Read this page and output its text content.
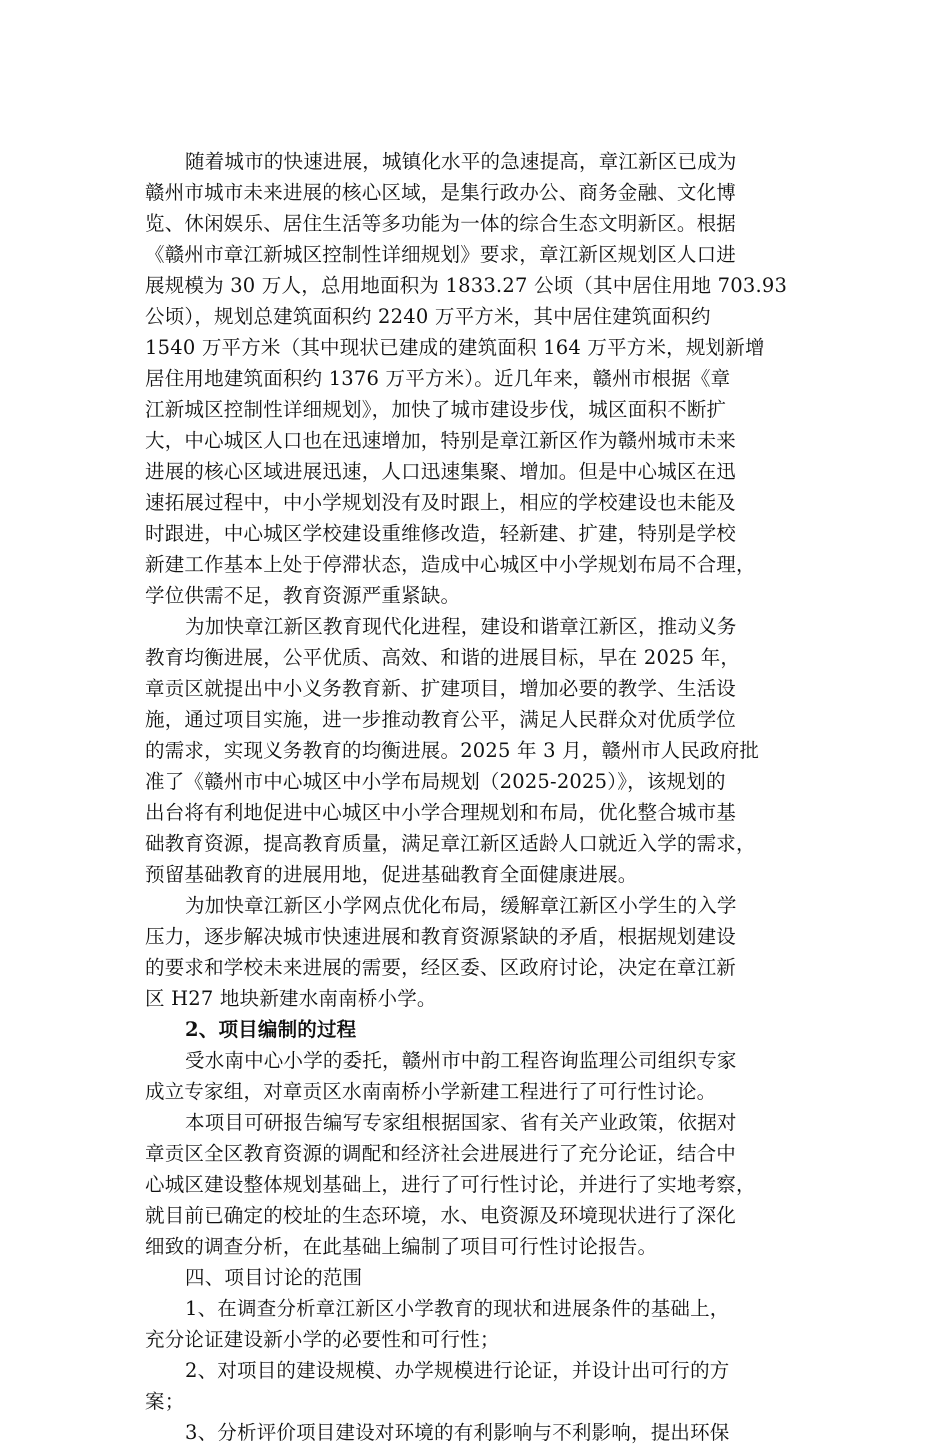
随着城市的快速进展，城镇化水平的急速提高，章江新区已成为
赣州市城市未来进展的核心区域，是集行政办公、商务金融、文化博
览、休闲娱乐、居住生活等多功能为一体的综合生态文明新区。根据
《赣州市章江新城区控制性详细规划》要求，章江新区规划区人口进
展规模为 30 万人，总用地面积为 1833.27 公顷（其中居住用地 703.93
公顷），规划总建筑面积约 2240 万平方米，其中居住建筑面积约
1540 万平方米（其中现状已建成的建筑面积 164 万平方米，规划新增
居住用地建筑面积约 1376 万平方米）。近几年来，赣州市根据《章
江新城区控制性详细规划》，加快了城市建设步伐，城区面积不断扩
大，中心城区人口也在迅速增加，特别是章江新区作为赣州城市未来
进展的核心区域进展迅速，人口迅速集聚、增加。但是中心城区在迅
速拓展过程中，中小学规划没有及时跟上，相应的学校建设也未能及
时跟进，中心城区学校建设重维修改造，轻新建、扩建，特别是学校
新建工作基本上处于停滞状态，造成中心城区中小学规划布局不合理，
学位供需不足，教育资源严重紧缺。
为加快章江新区教育现代化进程，建设和谐章江新区，推动义务
教育均衡进展，公平优质、高效、和谐的进展目标，早在 2025 年，
章贡区就提出中小义务教育新、扩建项目，增加必要的教学、生活设
施，通过项目实施，进一步推动教育公平，满足人民群众对优质学位
的需求，实现义务教育的均衡进展。2025 年 3 月，赣州市人民政府批
准了《赣州市中心城区中小学布局规划（2025-2025）》，该规划的
出台将有利地促进中心城区中小学合理规划和布局，优化整合城市基
础教育资源，提高教育质量，满足章江新区适龄人口就近入学的需求，
预留基础教育的进展用地，促进基础教育全面健康进展。
为加快章江新区小学网点优化布局，缓解章江新区小学生的入学
压力，逐步解决城市快速进展和教育资源紧缺的矛盾，根据规划建设
的要求和学校未来进展的需要，经区委、区政府讨论，决定在章江新
区 H27 地块新建水南南桥小学。
2、项目编制的过程
受水南中心小学的委托，赣州市中韵工程咨询监理公司组织专家
成立专家组，对章贡区水南南桥小学新建工程进行了可行性讨论。
本项目可研报告编写专家组根据国家、省有关产业政策，依据对
章贡区全区教育资源的调配和经济社会进展进行了充分论证，结合中
心城区建设整体规划基础上，进行了可行性讨论，并进行了实地考察，
就目前已确定的校址的生态环境，水、电资源及环境现状进行了深化
细致的调查分析，在此基础上编制了项目可行性讨论报告。
四、项目讨论的范围
1、在调查分析章江新区小学教育的现状和进展条件的基础上，
充分论证建设新小学的必要性和可行性；
2、对项目的建设规模、办学规模进行论证，并设计出可行的方
案；
3、分析评价项目建设对环境的有利影响与不利影响，提出环保
